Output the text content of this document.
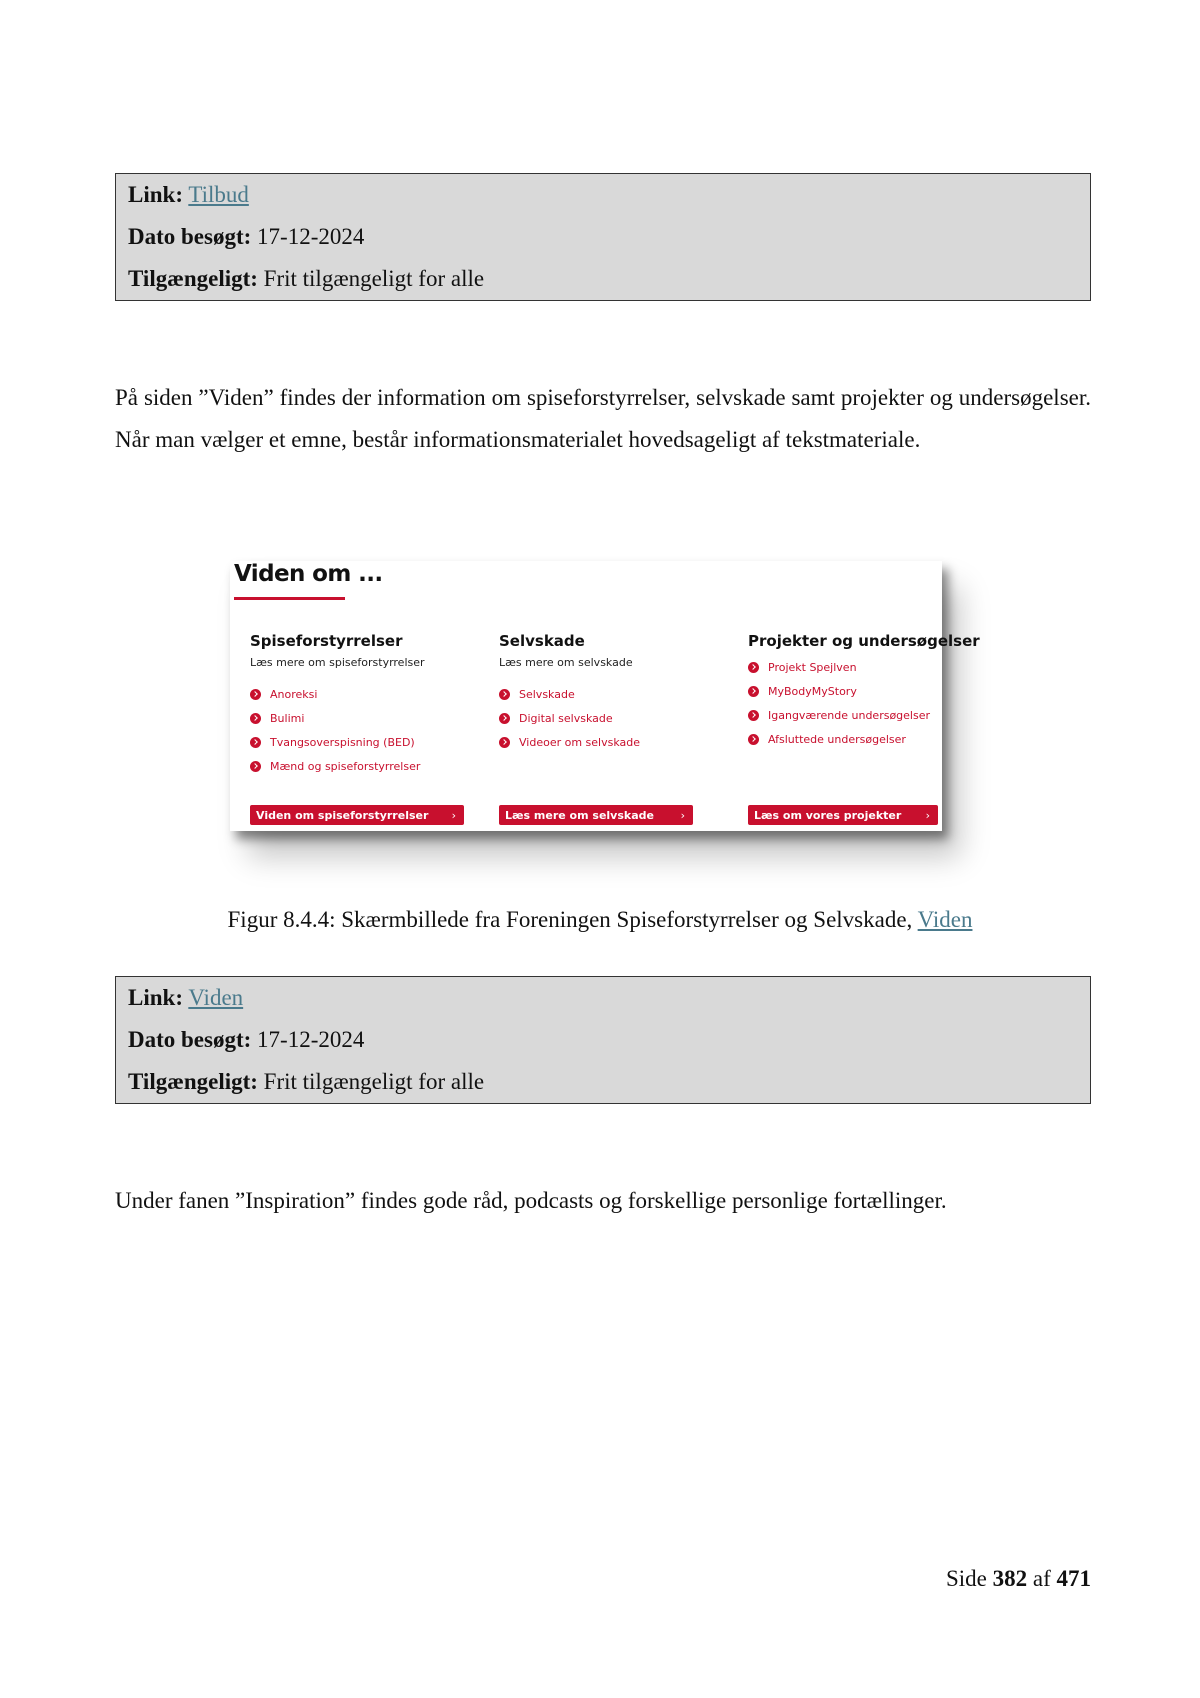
Link: Tilbud
Dato besøgt: 17-12-2024
Tilgængeligt: Frit tilgængeligt for alle
På siden ”Viden” findes der information om spiseforstyrrelser, selvskade samt projekter og undersøgelser. Når man vælger et emne, består informationsmaterialet hovedsageligt af tekstmateriale.
Viden om ...
Spiseforstyrrelser
Læs mere om spiseforstyrrelser
Anoreksi
Bulimi
Tvangsoverspisning (BED)
Mænd og spiseforstyrrelser
Selvskade
Læs mere om selvskade
Selvskade
Digital selvskade
Videoer om selvskade
Projekter og undersøgelser
Projekt Spejlven
MyBodyMyStory
Igangværende undersøgelser
Afsluttede undersøgelser
Viden om spiseforstyrrelser ›	Læs mere om selvskade ›	Læs om vores projekter ›
Figur 8.4.4: Skærmbillede fra Foreningen Spiseforstyrrelser og Selvskade, Viden
Link: Viden
Dato besøgt: 17-12-2024
Tilgængeligt: Frit tilgængeligt for alle
Under fanen ”Inspiration” findes gode råd, podcasts og forskellige personlige fortællinger.
Side 382 af 471
